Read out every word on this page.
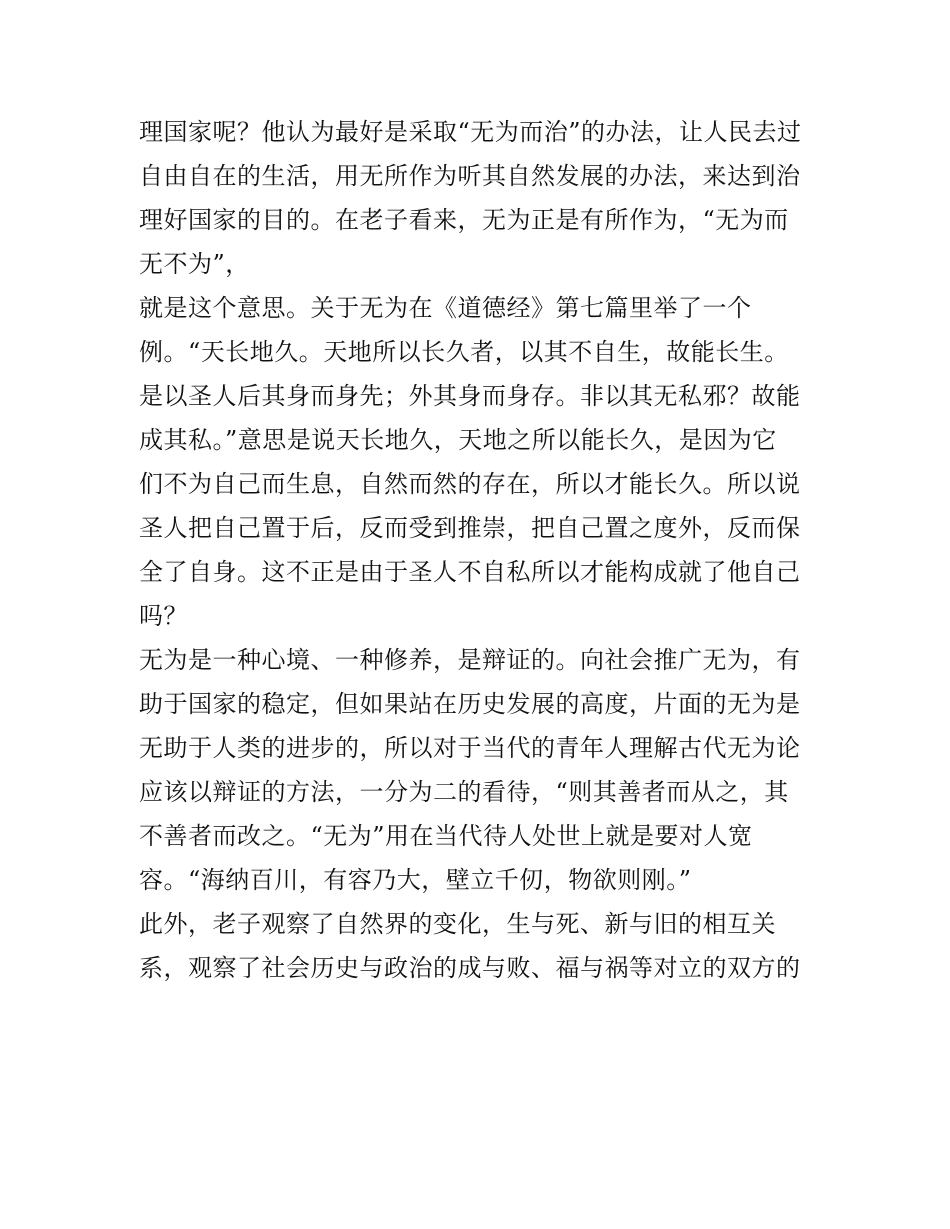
理国家呢？他认为最好是采取“无为而治”的办法，让人民去过
自由自在的生活，用无所作为听其自然发展的办法，来达到治
理好国家的目的。在老子看来，无为正是有所作为，“无为而
无不为”，
就是这个意思。关于无为在《道德经》第七篇里举了一个
例。“天长地久。天地所以长久者，以其不自生，故能长生。
是以圣人后其身而身先；外其身而身存。非以其无私邪？故能
成其私。”意思是说天长地久，天地之所以能长久，是因为它
们不为自己而生息，自然而然的存在，所以才能长久。所以说
圣人把自己置于后，反而受到推崇，把自己置之度外，反而保
全了自身。这不正是由于圣人不自私所以才能构成就了他自己
吗？
无为是一种心境、一种修养，是辩证的。向社会推广无为，有
助于国家的稳定，但如果站在历史发展的高度，片面的无为是
无助于人类的进步的，所以对于当代的青年人理解古代无为论
应该以辩证的方法，一分为二的看待，“则其善者而从之，其
不善者而改之。“无为”用在当代待人处世上就是要对人宽
容。“海纳百川，有容乃大，壁立千仞，物欲则刚。”
此外，老子观察了自然界的变化，生与死、新与旧的相互关
系，观察了社会历史与政治的成与败、福与祸等对立的双方的
